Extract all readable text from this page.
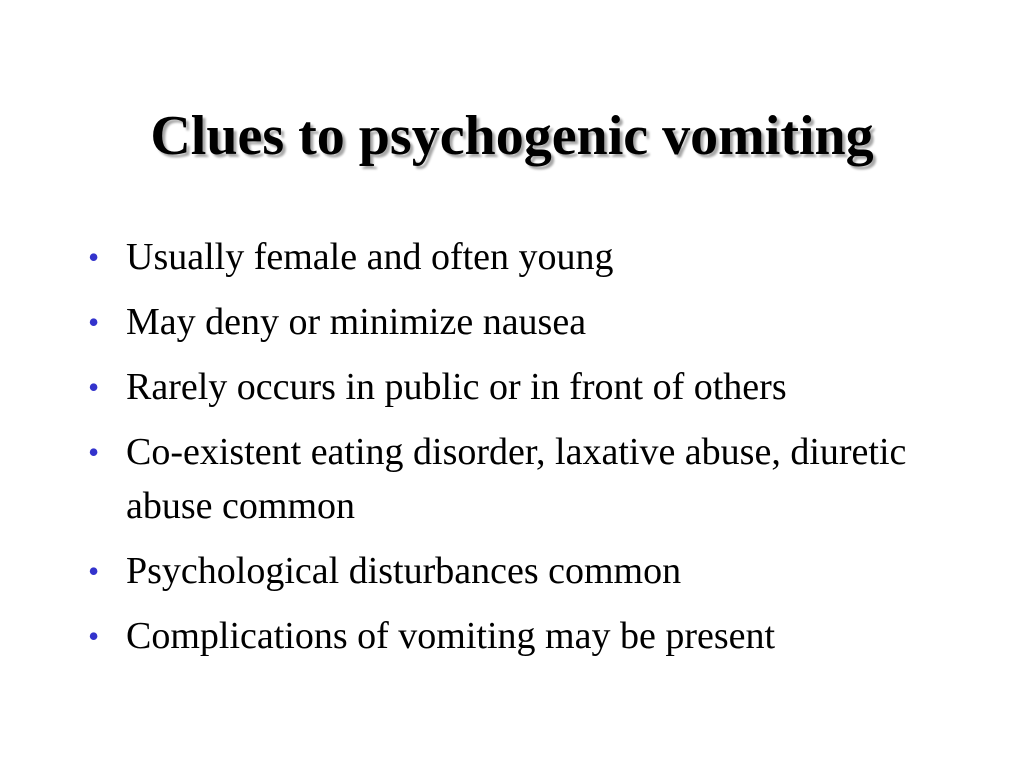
Clues to psychogenic vomiting
• Usually female and often young
• May deny or minimize nausea
• Rarely occurs in public or in front of others
• Co-existent eating disorder, laxative abuse, diuretic abuse common
• Psychological disturbances common
• Complications of vomiting may be present
